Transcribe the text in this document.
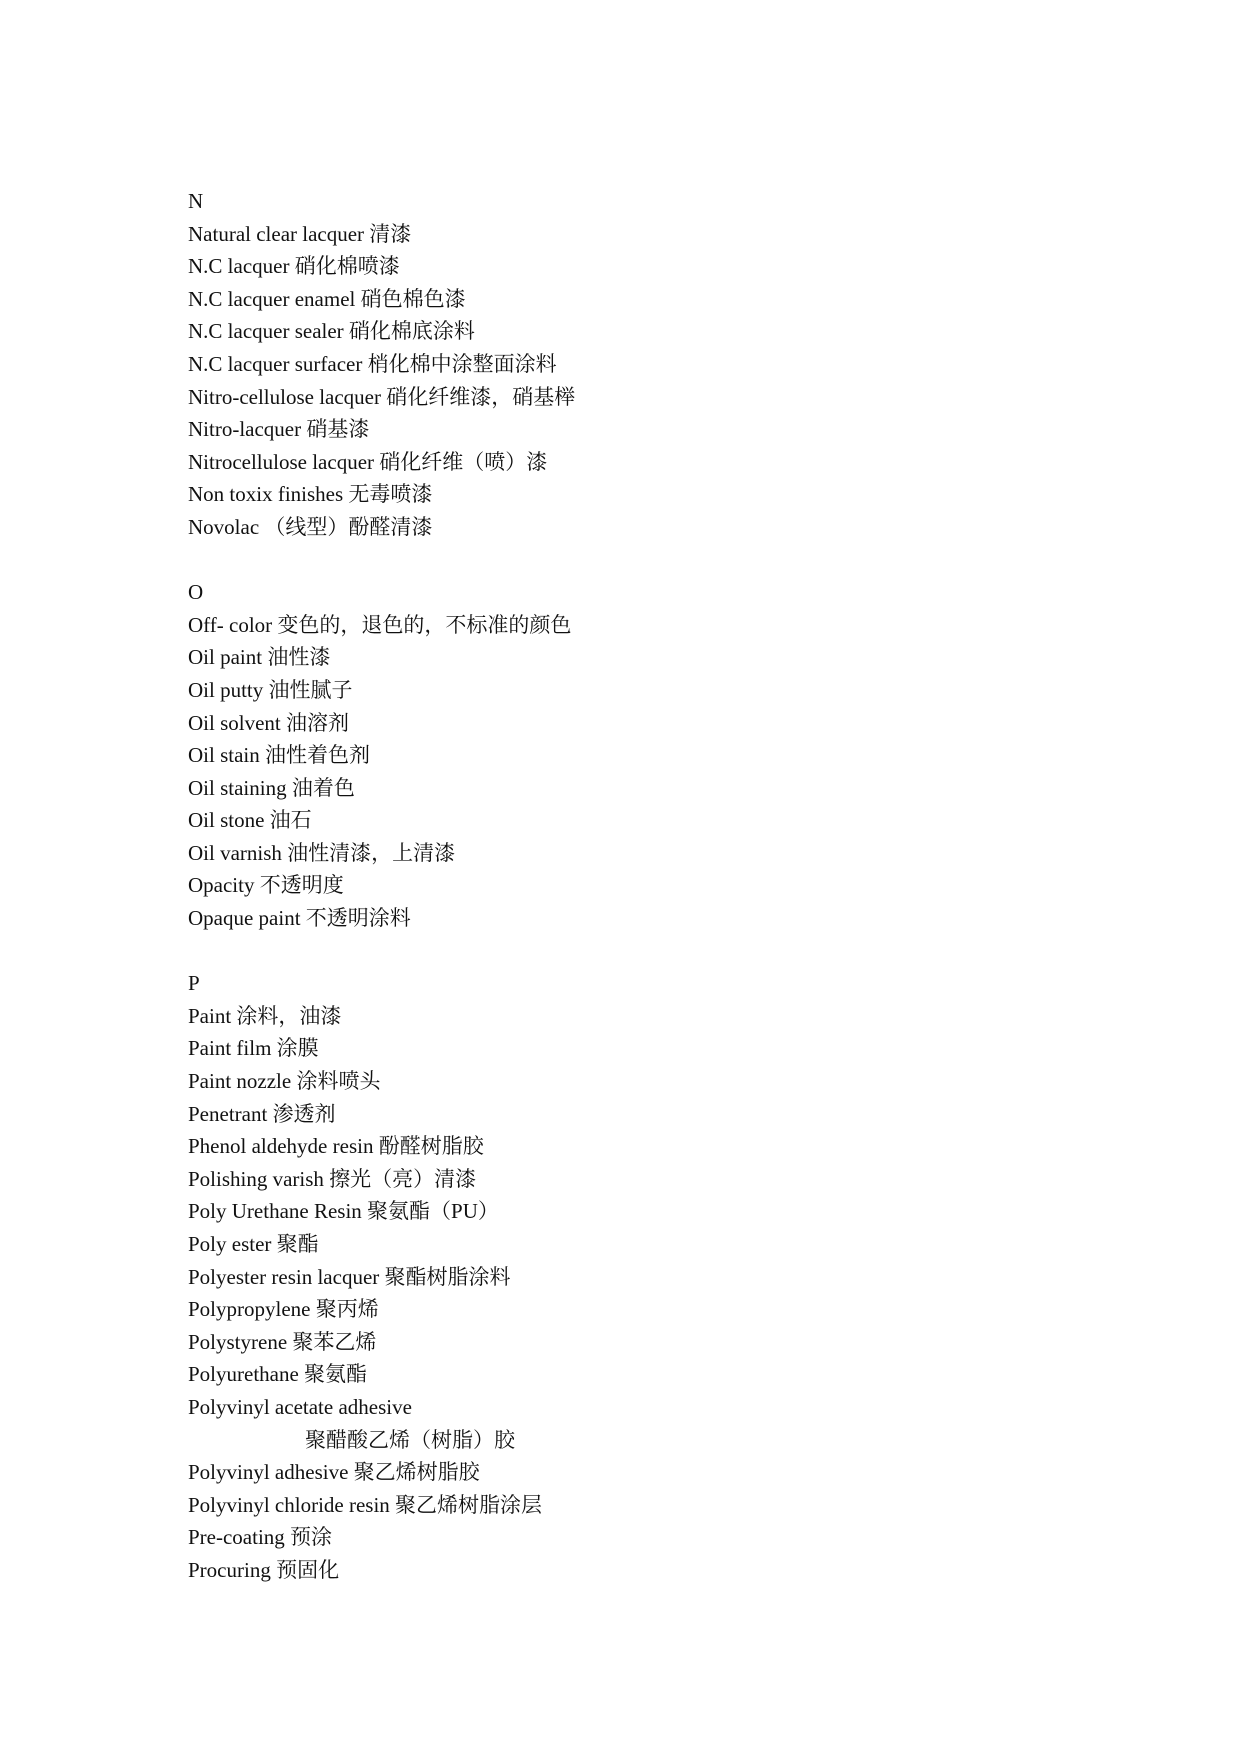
N
Natural clear lacquer 清漆
N.C lacquer 硝化棉喷漆
N.C lacquer enamel 硝色棉色漆
N.C lacquer sealer 硝化棉底涂料
N.C lacquer surfacer 梢化棉中涂整面涂料
Nitro-cellulose lacquer 硝化纤维漆，硝基榉
Nitro-lacquer 硝基漆
Nitrocellulose lacquer 硝化纤维（喷）漆
Non toxix finishes 无毒喷漆
Novolac （线型）酚醛清漆
O
Off- color 变色的，退色的，不标准的颜色
Oil paint 油性漆
Oil putty 油性腻子
Oil solvent 油溶剂
Oil stain 油性着色剂
Oil staining 油着色
Oil stone 油石
Oil varnish 油性清漆，上清漆
Opacity 不透明度
Opaque paint 不透明涂料
P
Paint 涂料，油漆
Paint film 涂膜
Paint nozzle 涂料喷头
Penetrant 渗透剂
Phenol aldehyde resin 酚醛树脂胶
Polishing varish 擦光（亮）清漆
Poly Urethane Resin 聚氨酯（PU）
Poly ester 聚酯
Polyester resin lacquer 聚酯树脂涂料
Polypropylene 聚丙烯
Polystyrene 聚苯乙烯
Polyurethane 聚氨酯
Polyvinyl acetate adhesive
聚醋酸乙烯（树脂）胶
Polyvinyl adhesive 聚乙烯树脂胶
Polyvinyl chloride resin 聚乙烯树脂涂层
Pre-coating 预涂
Procuring 预固化
